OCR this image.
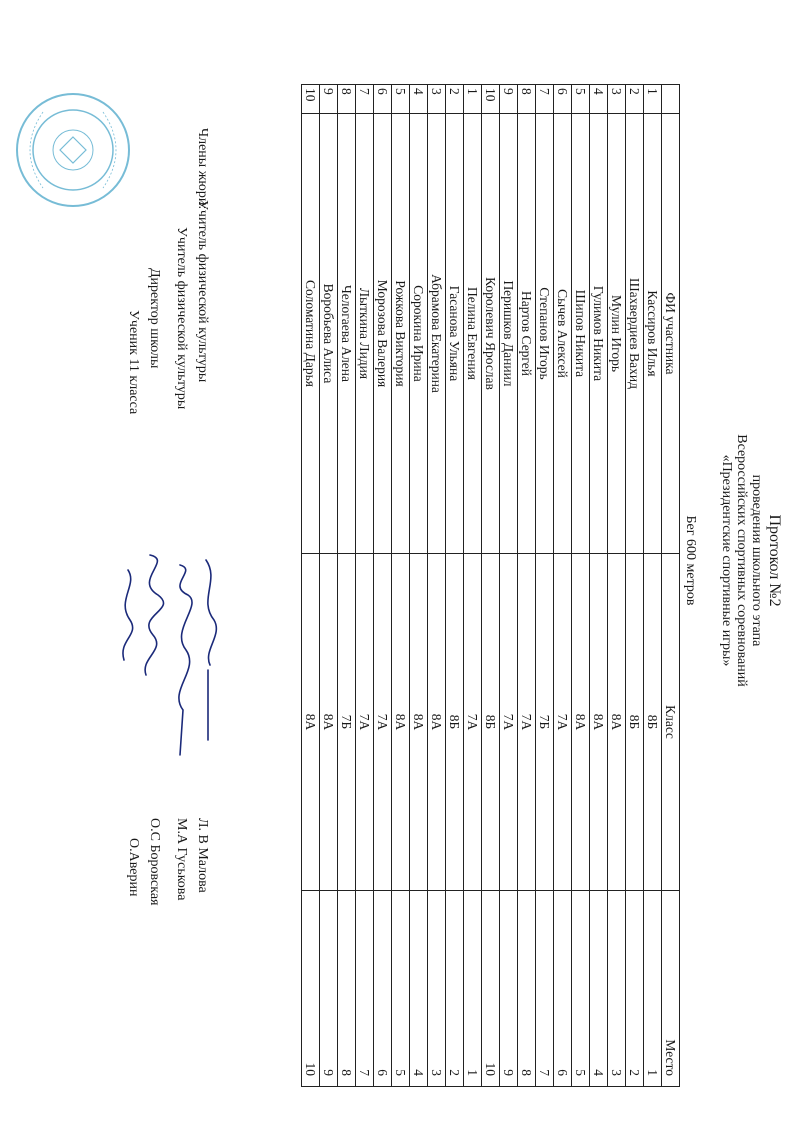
Протокол №2
проведения школьного этапа
Всероссийских спортивных соревнований
«Президентские спортивные игры»
Бег 600 метров
	ФИ участника	Класс	Место
1	Кассиров Илья	8Б	1
2	Шахвердиев Вахид	8Б	2
3	Мулин Игорь	8А	3
4	Гулимов Никита	8А	4
5	Шипов Никита	8А	5
6	Сычев Алексей	7А	6
7	Степанов Игорь	7Б	7
8	Нартов Сергей	7А	8
9	Перишков Даниил	7А	9
10	Королевич Ярослав	8Б	10
1	Пелина Евгения	7А	1
2	Гасанова Ульяна	8Б	2
3	Абрамова Екатерина	8А	3
4	Сорокина Ирина	8А	4
5	Рожкова Виктория	8А	5
6	Морозова Валерия	7А	6
7	Лыткина Лидия	7А	7
8	Челогаева Алена	7Б	8
9	Воробьева Алиса	8А	9
10	Соломатина Дарья	8А	10
Члены жюри:
Учитель физической культуры
Учитель физической культуры
Директор школы
Ученик 11 класса
Л. В Малова
М.А Гуськова
О.С Боровская
О.Аверин
